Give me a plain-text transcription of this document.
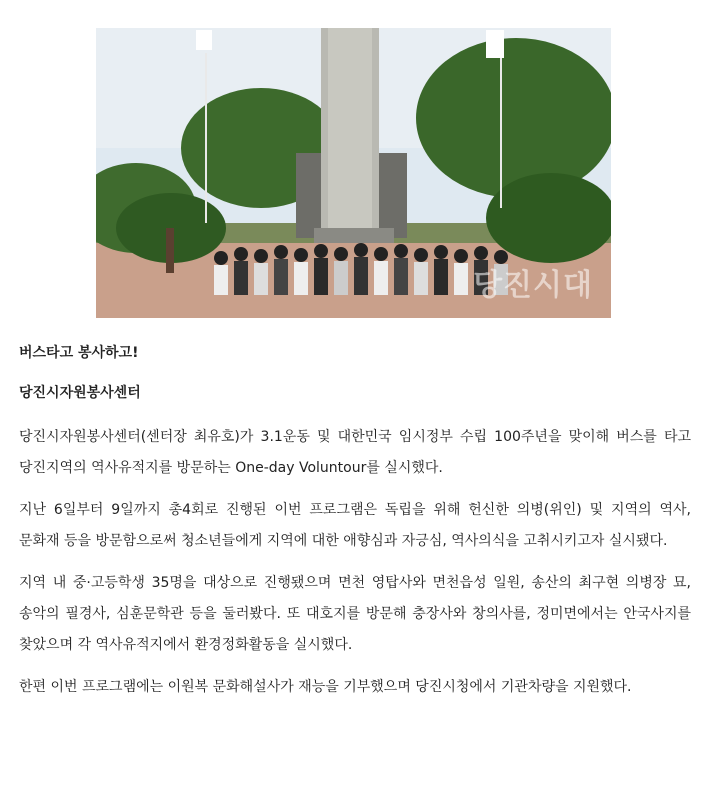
당진시대

버스타고 봉사하고!

당진시자원봉사센터

당진시자원봉사센터(센터장 최유호)가 3.1운동 및 대한민국 임시정부 수립 100주년을 맞이해 버스를 타고 당진지역의 역사유적지를 방문하는 One-day Voluntour를 실시했다.

지난 6일부터 9일까지 총4회로 진행된 이번 프로그램은 독립을 위해 헌신한 의병(위인) 및 지역의 역사, 문화재 등을 방문함으로써 청소년들에게 지역에 대한 애향심과 자긍심, 역사의식을 고취시키고자 실시됐다.

지역 내 중·고등학생 35명을 대상으로 진행됐으며 면천 영탑사와 면천읍성 일원, 송산의 최구현 의병장 묘, 송악의 필경사, 심훈문학관 등을 둘러봤다. 또 대호지를 방문해 충장사와 창의사를, 정미면에서는 안국사지를 찾았으며 각 역사유적지에서 환경정화활동을 실시했다.

한편 이번 프로그램에는 이원복 문화해설사가 재능을 기부했으며 당진시청에서 기관차량을 지원했다.
